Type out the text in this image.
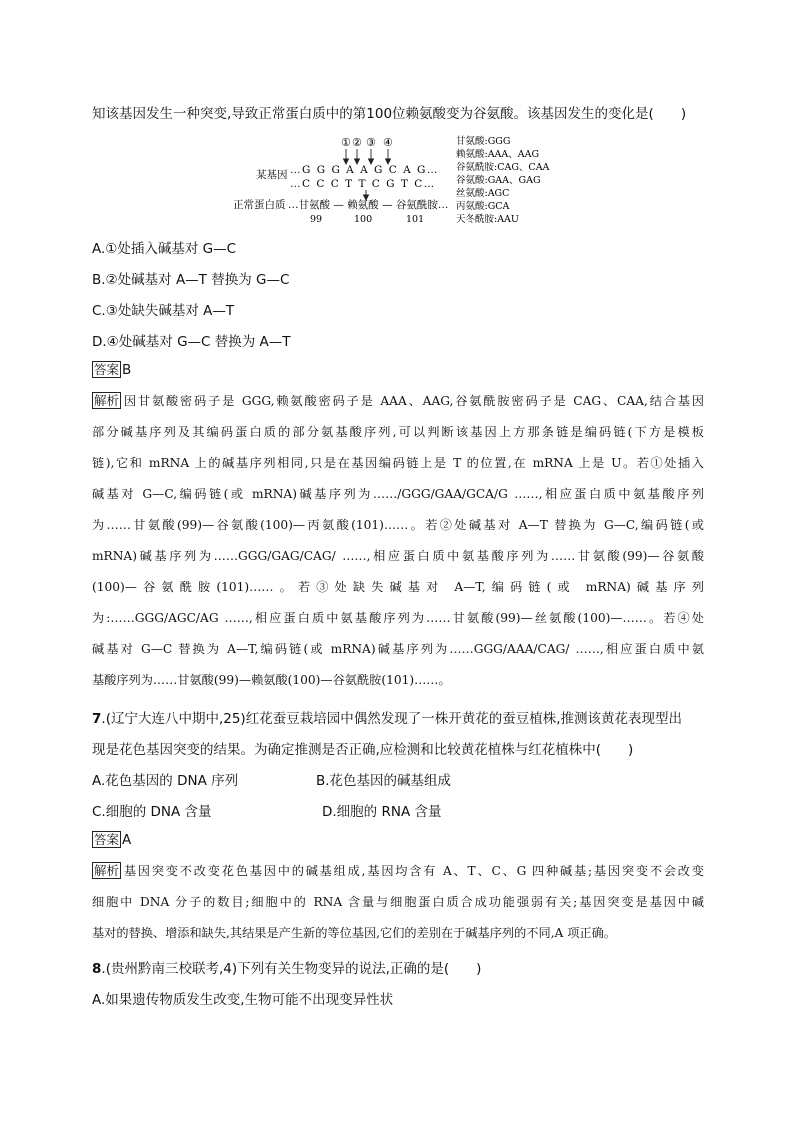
知该基因发生一种突变,导致正常蛋白质中的第100位赖氨酸变为谷氨酸。该基因发生的变化是(　　)
① ② ③ ④
某基因 …G G G A A G C A G…
…C C C T T C G T C…
正常蛋白质 …甘氨酸 — 赖氨酸 — 谷氨酰胺…
99	100	101
甘氨酸:GGG
赖氨酸:AAA、AAG
谷氨酰胺:CAG、CAA
谷氨酸:GAA、GAG
丝氨酸:AGC
丙氨酸:GCA
天冬酰胺:AAU
A.①处插入碱基对 G—C
B.②处碱基对 A—T 替换为 G—C
C.③处缺失碱基对 A—T
D.④处碱基对 G—C 替换为 A—T
答案 B
解析 因甘氨酸密码子是 GGG,赖氨酸密码子是 AAA、AAG,谷氨酰胺密码子是 CAG、CAA,结合基因
部分碱基序列及其编码蛋白质的部分氨基酸序列,可以判断该基因上方那条链是编码链(下方是模板
链),它和 mRNA 上的碱基序列相同,只是在基因编码链上是 T 的位置,在 mRNA 上是 U。若①处插入
碱基对 G—C,编码链(或 mRNA)碱基序列为……/GGG/GAA/GCA/G ……,相应蛋白质中氨基酸序列
为……甘氨酸(99)—谷氨酸(100)—丙氨酸(101)……。若②处碱基对 A—T 替换为 G—C,编码链(或
mRNA)碱基序列为……GGG/GAG/CAG/ ……,相应蛋白质中氨基酸序列为……甘氨酸(99)—谷氨酸
(100)—谷氨酰胺(101)……。若③处缺失碱基对 A—T,编码链(或 mRNA)碱基序列
为:……GGG/AGC/AG ……,相应蛋白质中氨基酸序列为……甘氨酸(99)—丝氨酸(100)—……。若④处
碱基对 G—C 替换为 A—T,编码链(或 mRNA)碱基序列为……GGG/AAA/CAG/ ……,相应蛋白质中氨
基酸序列为……甘氨酸(99)—赖氨酸(100)—谷氨酰胺(101)……。
7.(辽宁大连八中期中,25)红花蚕豆栽培园中偶然发现了一株开黄花的蚕豆植株,推测该黄花表现型出
现是花色基因突变的结果。为确定推测是否正确,应检测和比较黄花植株与红花植株中(　　)
A.花色基因的 DNA 序列	B.花色基因的碱基组成
C.细胞的 DNA 含量	D.细胞的 RNA 含量
答案 A
解析 基因突变不改变花色基因中的碱基组成,基因均含有 A、T、C、G 四种碱基;基因突变不会改变
细胞中 DNA 分子的数目;细胞中的 RNA 含量与细胞蛋白质合成功能强弱有关;基因突变是基因中碱
基对的替换、增添和缺失,其结果是产生新的等位基因,它们的差别在于碱基序列的不同,A 项正确。
8.(贵州黔南三校联考,4)下列有关生物变异的说法,正确的是(　　)
A.如果遗传物质发生改变,生物可能不出现变异性状
